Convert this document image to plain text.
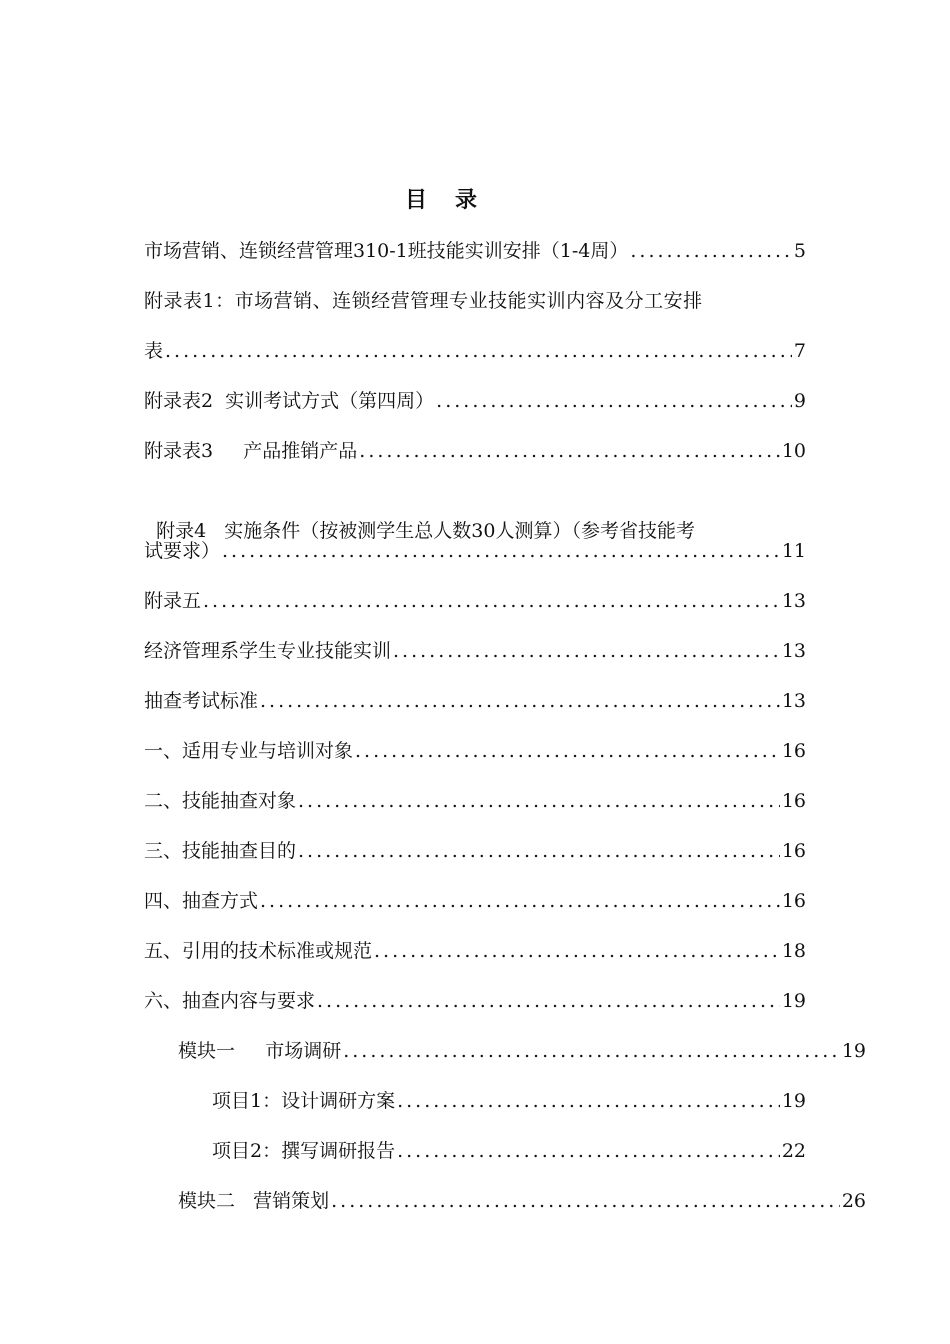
目 录
市场营销、连锁经营管理310-1班技能实训安排（1-4周） .....	5
附录表1：市场营销、连锁经营管理专业技能实训内容及分工安排
表 .....	7
附录表2  实训考试方式（第四周） .....	9
附录表3     产品推销产品 .....	10

附录4   实施条件（按被测学生总人数30人测算）（参考省技能考

试要求） .....	11
附录五 .....	13
经济管理系学生专业技能实训 .....	13
抽查考试标准 .....	13
一、适用专业与培训对象 .....	16
二、技能抽查对象 .....	16
三、技能抽查目的 .....	16
四、抽查方式 .....	16
五、引用的技术标准或规范 .....	18
六、抽查内容与要求 .....	19
模块一     市场调研 .....	19
项目1：设计调研方案 .....	19
项目2：撰写调研报告 .....	22
模块二   营销策划 .....	26
